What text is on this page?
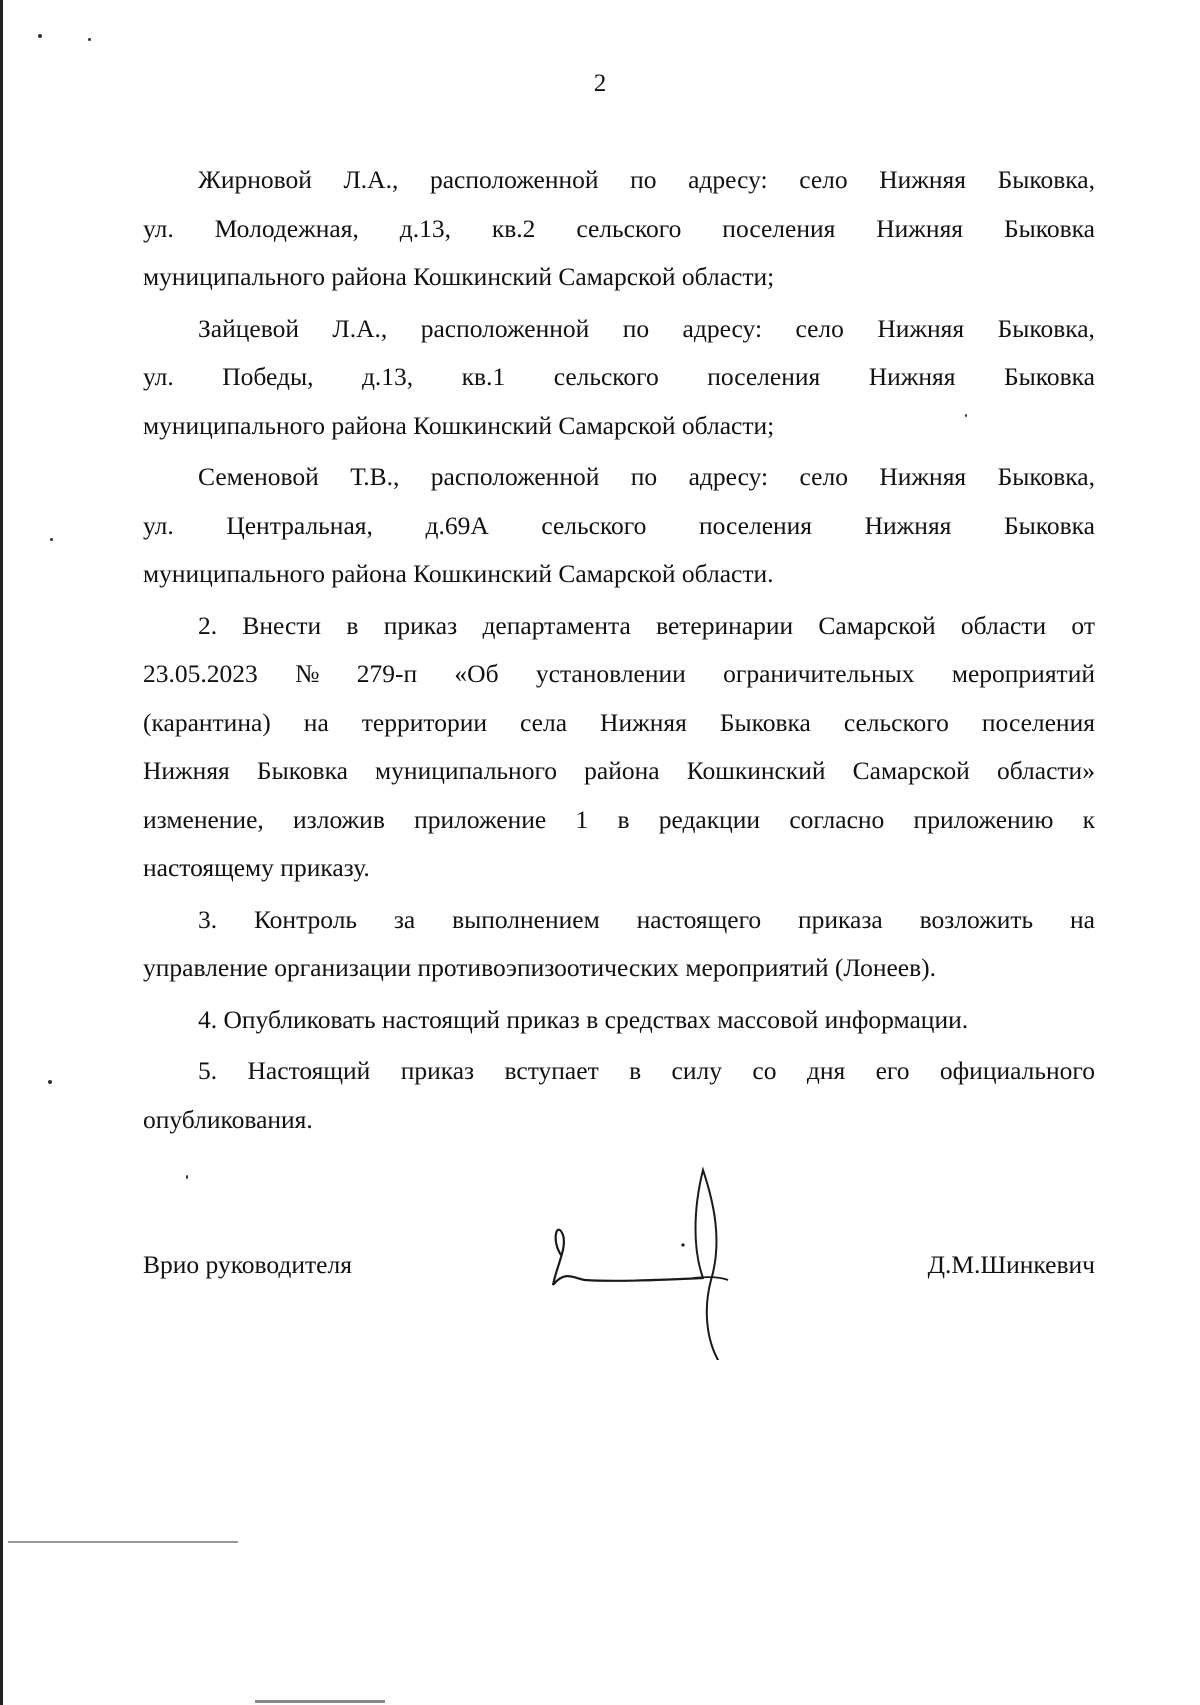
2
Жирновой Л.А., расположенной по адресу: село Нижняя Быковка,
ул. Молодежная, д.13, кв.2 сельского поселения Нижняя Быковка
муниципального района Кошкинский Самарской области;
Зайцевой Л.А., расположенной по адресу: село Нижняя Быковка,
ул. Победы, д.13, кв.1 сельского поселения Нижняя Быковка
муниципального района Кошкинский Самарской области;
Семеновой Т.В., расположенной по адресу: село Нижняя Быковка,
ул. Центральная, д.69А сельского поселения Нижняя Быковка
муниципального района Кошкинский Самарской области.
2. Внести в приказ департамента ветеринарии Самарской области от
23.05.2023 № 279-п «Об установлении ограничительных мероприятий
(карантина) на территории села Нижняя Быковка сельского поселения
Нижняя Быковка муниципального района Кошкинский Самарской области»
изменение, изложив приложение 1 в редакции согласно приложению к
настоящему приказу.
3. Контроль за выполнением настоящего приказа возложить на
управление организации противоэпизоотических мероприятий (Лонеев).
4. Опубликовать настоящий приказ в средствах массовой информации.
5. Настоящий приказ вступает в силу со дня его официального
опубликования.
Врио руководителя	Д.М.Шинкевич
